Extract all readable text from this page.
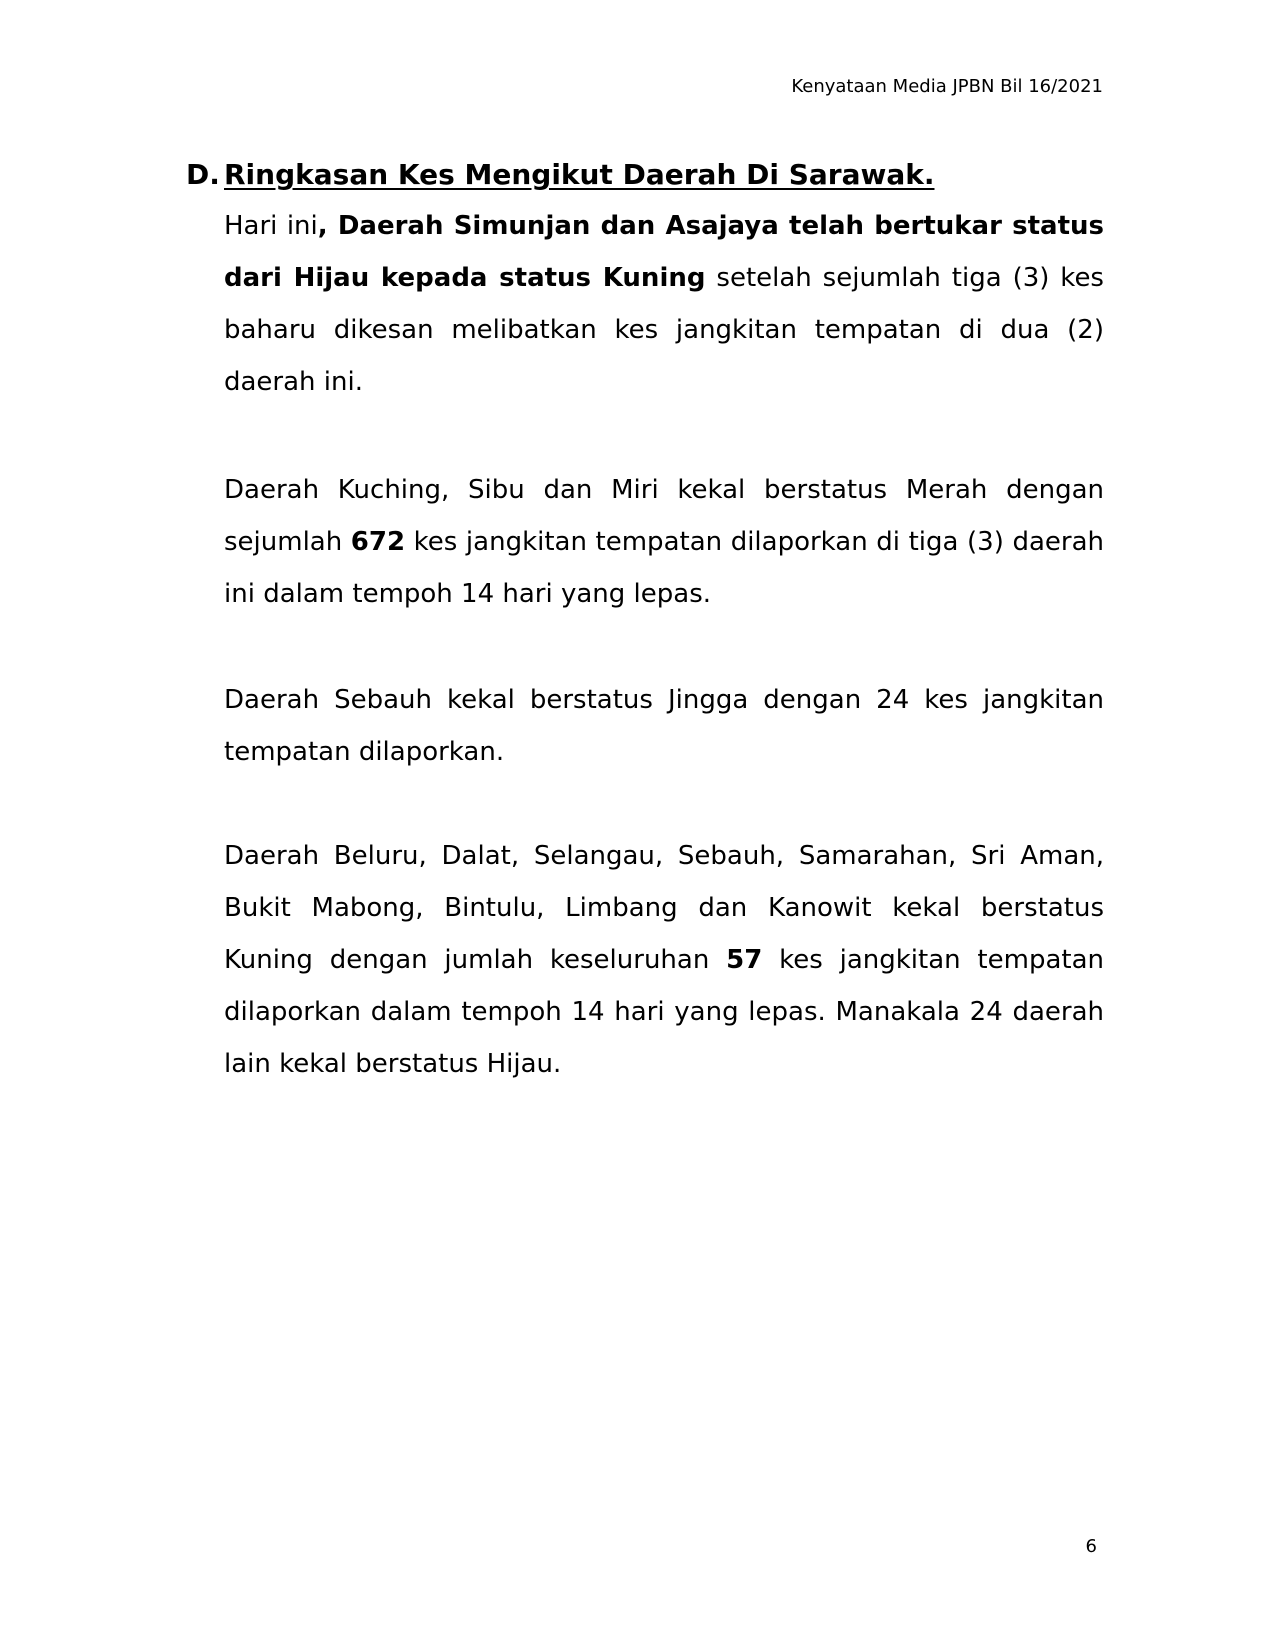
Kenyataan Media JPBN Bil 16/2021
D. Ringkasan Kes Mengikut Daerah Di Sarawak.

Hari ini, Daerah Simunjan dan Asajaya telah bertukar status dari Hijau kepada status Kuning setelah sejumlah tiga (3) kes baharu dikesan melibatkan kes jangkitan tempatan di dua (2) daerah ini.

Daerah Kuching, Sibu dan Miri kekal berstatus Merah dengan sejumlah 672 kes jangkitan tempatan dilaporkan di tiga (3) daerah ini dalam tempoh 14 hari yang lepas.

Daerah Sebauh kekal berstatus Jingga dengan 24 kes jangkitan tempatan dilaporkan.

Daerah Beluru, Dalat, Selangau, Sebauh, Samarahan, Sri Aman, Bukit Mabong, Bintulu, Limbang dan Kanowit kekal berstatus Kuning dengan jumlah keseluruhan 57 kes jangkitan tempatan dilaporkan dalam tempoh 14 hari yang lepas. Manakala 24 daerah lain kekal berstatus Hijau.

6
